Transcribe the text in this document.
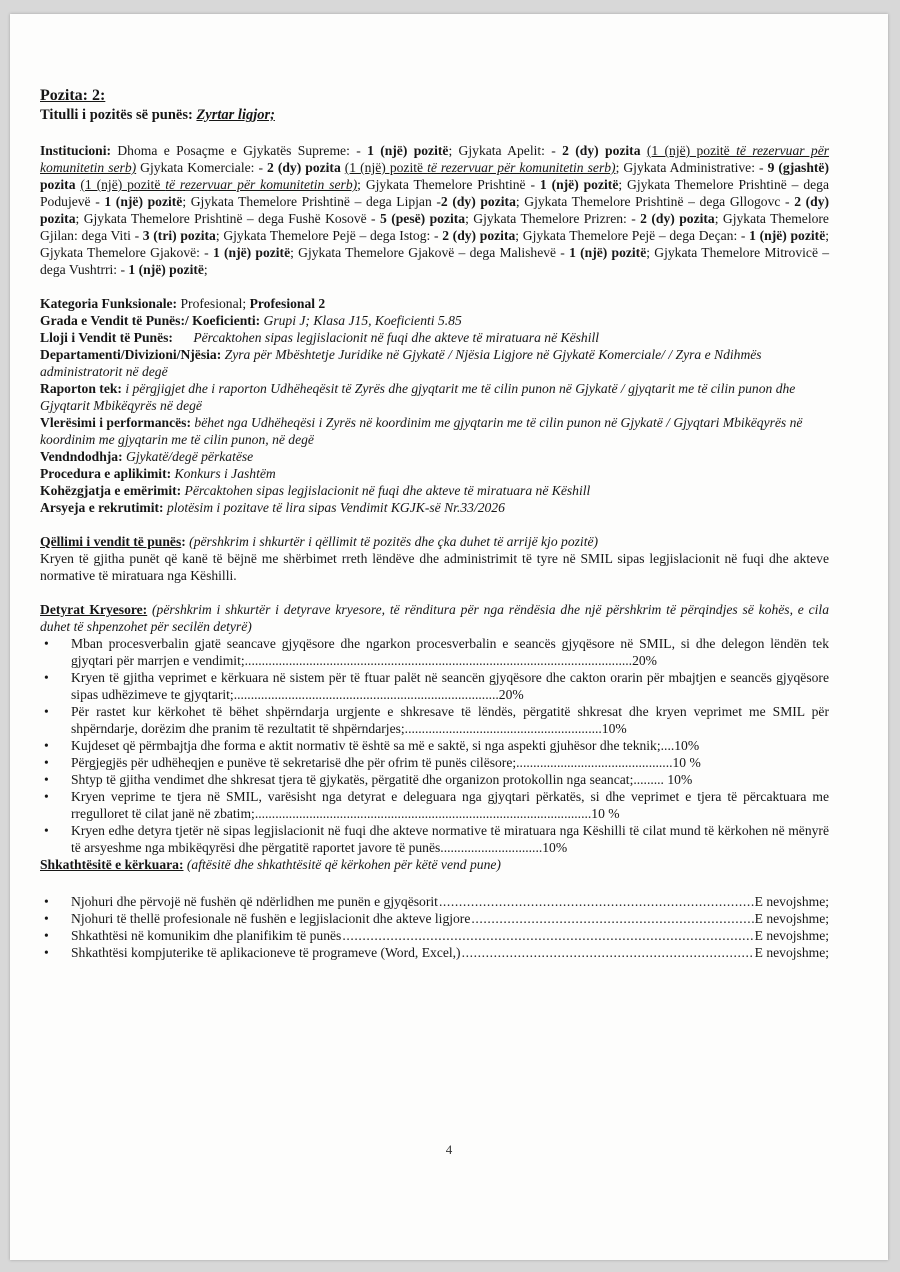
Pozita: 2:
Titulli i pozitës së punës: Zyrtar ligjor;

Institucioni: Dhoma e Posaçme e Gjykatës Supreme: - 1 (një) pozitë; Gjykata Apelit: - 2 (dy) pozita (1 (një) pozitë të rezervuar për komunitetin serb) Gjykata Komerciale: - 2 (dy) pozita (1 (një) pozitë të rezervuar për komunitetin serb); Gjykata Administrative: - 9 (gjashtë) pozita (1 (një) pozitë të rezervuar për komunitetin serb); Gjykata Themelore Prishtinë - 1 (një) pozitë; Gjykata Themelore Prishtinë – dega Podujevë - 1 (një) pozitë; Gjykata Themelore Prishtinë – dega Lipjan -2 (dy) pozita; Gjykata Themelore Prishtinë – dega Gllogovc - 2 (dy) pozita; Gjykata Themelore Prishtinë – dega Fushë Kosovë - 5 (pesë) pozita; Gjykata Themelore Prizren: - 2 (dy) pozita; Gjykata Themelore Gjilan: dega Viti - 3 (tri) pozita; Gjykata Themelore Pejë – dega Istog: - 2 (dy) pozita; Gjykata Themelore Pejë – dega Deçan: - 1 (një) pozitë; Gjykata Themelore Gjakovë: - 1 (një) pozitë; Gjykata Themelore Gjakovë – dega Malishevë - 1 (një) pozitë; Gjykata Themelore Mitrovicë – dega Vushtrri: - 1 (një) pozitë;

Kategoria Funksionale: Profesional; Profesional 2

Grada e Vendit të Punës:/ Koeficienti: Grupi J; Klasa J15, Koeficienti 5.85

Lloji i Vendit të Punës: Përcaktohen sipas legjislacionit në fuqi dhe akteve të miratuara në Këshill

Departamenti/Divizioni/Njësia: Zyra për Mbështetje Juridike në Gjykatë / Njësia Ligjore në Gjykatë Komerciale/ / Zyra e Ndihmës administratorit në degë

Raporton tek: i përgjigjet dhe i raporton Udhëheqësit të Zyrës dhe gjyqtarit me të cilin punon në Gjykatë / gjyqtarit me të cilin punon dhe Gjyqtarit Mbikëqyrës në degë

Vlerësimi i performancës: bëhet nga Udhëheqësi i Zyrës në koordinim me gjyqtarin me të cilin punon në Gjykatë / Gjyqtari Mbikëqyrës në koordinim me gjyqtarin me të cilin punon, në degë

Vendndodhja: Gjykatë/degë përkatëse

Procedura e aplikimit: Konkurs i Jashtëm

Kohëzgjatja e emërimit: Përcaktohen sipas legjislacionit në fuqi dhe akteve të miratuara në Këshill

Arsyeja e rekrutimit: plotësim i pozitave të lira sipas Vendimit KGJK-së Nr.33/2026

Qëllimi i vendit të punës: (përshkrim i shkurtër i qëllimit të pozitës dhe çka duhet të arrijë kjo pozitë)

Kryen të gjitha punët që kanë të bëjnë me shërbimet rreth lëndëve dhe administrimit të tyre në SMIL sipas legjislacionit në fuqi dhe akteve normative të miratuara nga Këshilli.

Detyrat Kryesore: (përshkrim i shkurtër i detyrave kryesore, të rënditura për nga rëndësia dhe një përshkrim të përqindjes së kohës, e cila duhet të shpenzohet për secilën detyrë)

• Mban procesverbalin gjatë seancave gjyqësore dhe ngarkon procesverbalin e seancës gjyqësore në SMIL, si dhe delegon lëndën tek gjyqtari për marrjen e vendimit;..................................................................................................................20%
• Kryen të gjitha veprimet e kërkuara në sistem për të ftuar palët në seancën gjyqësore dhe cakton orarin për mbajtjen e seancës gjyqësore sipas udhëzimeve te gjyqtarit;..............................................................................20%
• Për rastet kur kërkohet të bëhet shpërndarja urgjente e shkresave të lëndës, përgatitë shkresat dhe kryen veprimet me SMIL për shpërndarje, dorëzim dhe pranim të rezultatit të shpërndarjes;..........................................................10%
• Kujdeset që përmbajtja dhe forma e aktit normativ të është sa më e saktë, si nga aspekti gjuhësor dhe teknik;....10%
• Përgjegjës për udhëheqjen e punëve të sekretarisë dhe për ofrim të punës cilësore;..............................................10 %
• Shtyp të gjitha vendimet dhe shkresat tjera të gjykatës, përgatitë dhe organizon protokollin nga seancat;......... 10%
• Kryen veprime te tjera në SMIL, varësisht nga detyrat e deleguara nga gjyqtari përkatës, si dhe veprimet e tjera të përcaktuara me rregulloret të cilat janë në zbatim;...................................................................................................10 %
• Kryen edhe detyra tjetër në sipas legjislacionit në fuqi dhe akteve normative të miratuara nga Këshilli të cilat mund të kërkohen në mënyrë të arsyeshme nga mbikëqyrësi dhe përgatitë raportet javore të punës..............................10%

Shkathtësitë e kërkuara: (aftësitë dhe shkathtësitë që kërkohen për këtë vend pune)

• Njohuri dhe përvojë në fushën që ndërlidhen me punën e gjyqësorit .....	E nevojshme;
• Njohuri të thellë profesionale në fushën e legjislacionit dhe akteve ligjore .....	E nevojshme;
• Shkathtësi në komunikim dhe planifikim të punës .....	E nevojshme;
• Shkathtësi kompjuterike të aplikacioneve të programeve (Word, Excel,) .....	E nevojshme;
4
